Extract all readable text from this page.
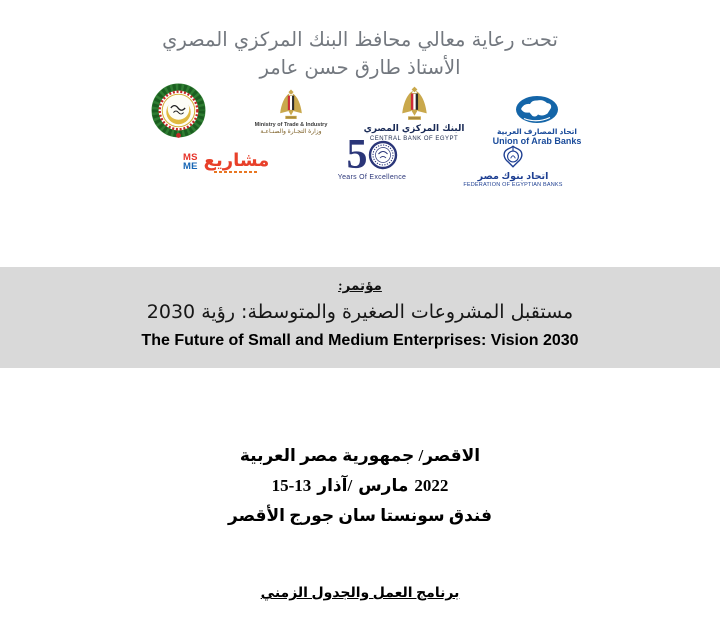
تحت رعاية معالي محافظ البنك المركزي المصري
الأستاذ طارق حسن عامر
Ministry of Trade & Industry
وزارة التجـارة والصنـاعـة	البنك المركزي المصري
CENTRAL BANK OF EGYPT
اتحاد المصارف العربية
Union of Arab Banks
MS
ME مشاريع 5
Years Of Excellence	اتحاد بنوك مصر
FEDERATION OF EGYPTIAN BANKS
مؤتمر:
مستقبل المشروعات الصغيرة والمتوسطة: رؤية 2030
The Future of Small and Medium Enterprises: Vision 2030
الاقصر/ جمهورية مصر العربية
15-13 آذار/ مارس 2022
فندق سونستا سان جورج الأقصر
برنامج العمل والجدول الزمني
